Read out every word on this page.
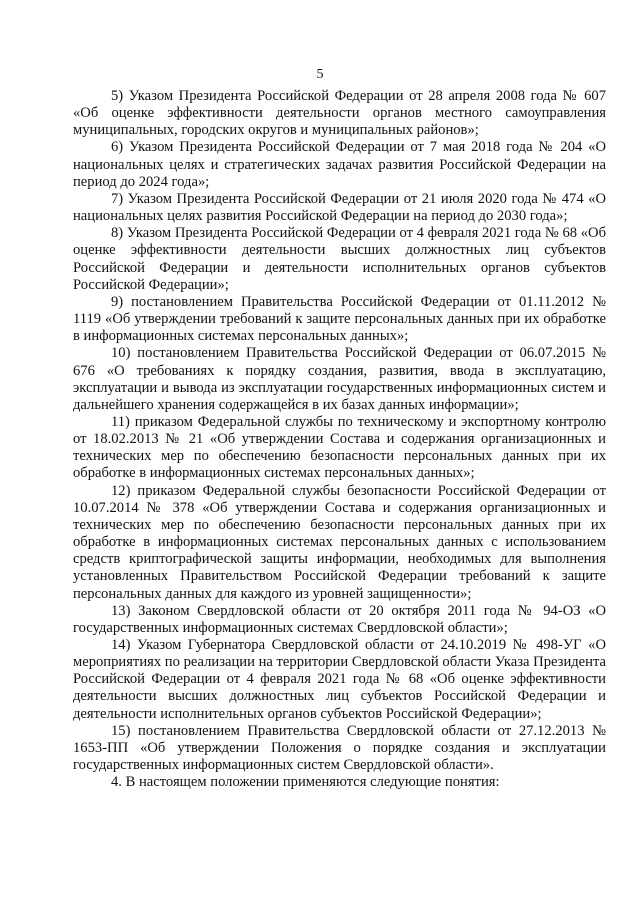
5

5) Указом Президента Российской Федерации от 28 апреля 2008 года № 607 «Об оценке эффективности деятельности органов местного самоуправления муниципальных, городских округов и муниципальных районов»;

6) Указом Президента Российской Федерации от 7 мая 2018 года № 204 «О национальных целях и стратегических задачах развития Российской Федерации на период до 2024 года»;

7) Указом Президента Российской Федерации от 21 июля 2020 года № 474 «О национальных целях развития Российской Федерации на период до 2030 года»;

8) Указом Президента Российской Федерации от 4 февраля 2021 года № 68 «Об оценке эффективности деятельности высших должностных лиц субъектов Российской Федерации и деятельности исполнительных органов субъектов Российской Федерации»;

9) постановлением Правительства Российской Федерации от 01.11.2012 № 1119 «Об утверждении требований к защите персональных данных при их обработке в информационных системах персональных данных»;

10) постановлением Правительства Российской Федерации от 06.07.2015 № 676 «О требованиях к порядку создания, развития, ввода в эксплуатацию, эксплуатации и вывода из эксплуатации государственных информационных систем и дальнейшего хранения содержащейся в их базах данных информации»;

11) приказом Федеральной службы по техническому и экспортному контролю от 18.02.2013 № 21 «Об утверждении Состава и содержания организационных и технических мер по обеспечению безопасности персональных данных при их обработке в информационных системах персональных данных»;

12) приказом Федеральной службы безопасности Российской Федерации от 10.07.2014 № 378 «Об утверждении Состава и содержания организационных и технических мер по обеспечению безопасности персональных данных при их обработке в информационных системах персональных данных с использованием средств криптографической защиты информации, необходимых для выполнения установленных Правительством Российской Федерации требований к защите персональных данных для каждого из уровней защищенности»;

13) Законом Свердловской области от 20 октября 2011 года № 94-ОЗ «О государственных информационных системах Свердловской области»;

14) Указом Губернатора Свердловской области от 24.10.2019 № 498-УГ «О мероприятиях по реализации на территории Свердловской области Указа Президента Российской Федерации от 4 февраля 2021 года № 68 «Об оценке эффективности деятельности высших должностных лиц субъектов Российской Федерации и деятельности исполнительных органов субъектов Российской Федерации»;

15) постановлением Правительства Свердловской области от 27.12.2013 № 1653-ПП «Об утверждении Положения о порядке создания и эксплуатации государственных информационных систем Свердловской области».

4. В настоящем положении применяются следующие понятия:
